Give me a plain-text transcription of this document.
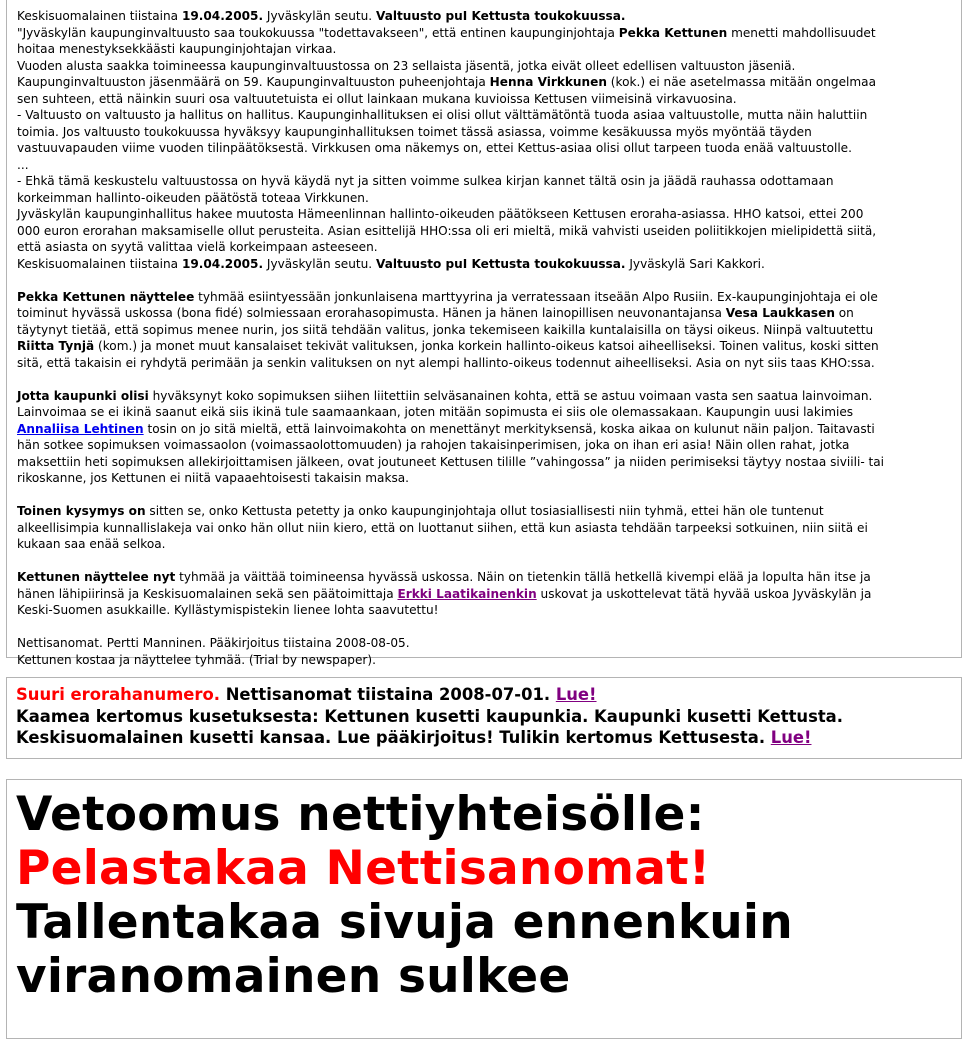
Keskisuomalainen tiistaina 19.04.2005. Jyväskylän seutu. Valtuusto puI Kettusta toukokuussa.
"Jyväskylän kaupunginvaltuusto saa toukokuussa "todettavakseen", että entinen kaupunginjohtaja Pekka Kettunen menetti mahdollisuudet
hoitaa menestyksekkäästi kaupunginjohtajan virkaa.
Vuoden alusta saakka toimineessa kaupunginvaltuustossa on 23 sellaista jäsentä, jotka eivät olleet edellisen valtuuston jäseniä.
Kaupunginvaltuuston jäsenmäärä on 59. Kaupunginvaltuuston puheenjohtaja Henna Virkkunen (kok.) ei näe asetelmassa mitään ongelmaa
sen suhteen, että näinkin suuri osa valtuutetuista ei ollut lainkaan mukana kuvioissa Kettusen viimeisinä virkavuosina.
- Valtuusto on valtuusto ja hallitus on hallitus. Kaupunginhallituksen ei olisi ollut välttämätöntä tuoda asiaa valtuustolle, mutta näin haluttiin
toimia. Jos valtuusto toukokuussa hyväksyy kaupunginhallituksen toimet tässä asiassa, voimme kesäkuussa myös myöntää täyden
vastuuvapauden viime vuoden tilinpäätöksestä. Virkkusen oma näkemys on, ettei Kettus-asiaa olisi ollut tarpeen tuoda enää valtuustolle.
...
- Ehkä tämä keskustelu valtuustossa on hyvä käydä nyt ja sitten voimme sulkea kirjan kannet tältä osin ja jäädä rauhassa odottamaan
korkeimman hallinto-oikeuden päätöstä toteaa Virkkunen.
Jyväskylän kaupunginhallitus hakee muutosta Hämeenlinnan hallinto-oikeuden päätökseen Kettusen eroraha-asiassa. HHO katsoi, ettei 200
000 euron erorahan maksamiselle ollut perusteita. Asian esittelijä HHO:ssa oli eri mieltä, mikä vahvisti useiden poliitikkojen mielipidettä siitä,
että asiasta on syytä valittaa vielä korkeimpaan asteeseen.
Keskisuomalainen tiistaina 19.04.2005. Jyväskylän seutu. Valtuusto puI Kettusta toukokuussa. Jyväskylä Sari Kakkori.
Pekka Kettunen näyttelee tyhmää esiintyessään jonkunlaisena marttyyrina ja verratessaan itseään Alpo Rusiin. Ex-kaupunginjohtaja ei ole
toiminut hyvässä uskossa (bona fidé) solmiessaan erorahasopimusta. Hänen ja hänen lainopillisen neuvonantajansa Vesa Laukkasen on
täytynyt tietää, että sopimus menee nurin, jos siitä tehdään valitus, jonka tekemiseen kaikilla kuntalaisilla on täysi oikeus. Niinpä valtuutettu
Riitta Tynjä (kom.) ja monet muut kansalaiset tekivät valituksen, jonka korkein hallinto-oikeus katsoi aiheelliseksi. Toinen valitus, koski sitten
sitä, että takaisin ei ryhdytä perimään ja senkin valituksen on nyt alempi hallinto-oikeus todennut aiheelliseksi. Asia on nyt siis taas KHO:ssa.
Jotta kaupunki olisi hyväksynyt koko sopimuksen siihen liitettiin selväsanainen kohta, että se astuu voimaan vasta sen saatua lainvoiman.
Lainvoimaa se ei ikinä saanut eikä siis ikinä tule saamaankaan, joten mitään sopimusta ei siis ole olemassakaan. Kaupungin uusi lakimies
Annaliisa Lehtinen tosin on jo sitä mieltä, että lainvoimakohta on menettänyt merkityksensä, koska aikaa on kulunut näin paljon. Taitavasti
hän sotkee sopimuksen voimassaolon (voimassaolottomuuden) ja rahojen takaisinperimisen, joka on ihan eri asia! Näin ollen rahat, jotka
maksettiin heti sopimuksen allekirjoittamisen jälkeen, ovat joutuneet Kettusen tilille ”vahingossa” ja niiden perimiseksi täytyy nostaa siviili- tai
rikoskanne, jos Kettunen ei niitä vapaaehtoisesti takaisin maksa.
Toinen kysymys on sitten se, onko Kettusta petetty ja onko kaupunginjohtaja ollut tosiasiallisesti niin tyhmä, ettei hän ole tuntenut
alkeellisimpia kunnallislakeja vai onko hän ollut niin kiero, että on luottanut siihen, että kun asiasta tehdään tarpeeksi sotkuinen, niin siitä ei
kukaan saa enää selkoa.
Kettunen näyttelee nyt tyhmää ja väittää toimineensa hyvässä uskossa. Näin on tietenkin tällä hetkellä kivempi elää ja lopulta hän itse ja
hänen lähipiirinsä ja Keskisuomalainen sekä sen päätoimittaja Erkki Laatikainenkin uskovat ja uskottelevat tätä hyvää uskoa Jyväskylän ja
Keski-Suomen asukkaille. Kyllästymispistekin lienee lohta saavutettu!
Nettisanomat. Pertti Manninen. Pääkirjoitus tiistaina 2008-08-05.
Kettunen kostaa ja näyttelee tyhmää. (Trial by newspaper).
Suuri erorahanumero. Nettisanomat tiistaina 2008-07-01. Lue!
Kaamea kertomus kusetuksesta: Kettunen kusetti kaupunkia. Kaupunki kusetti Kettusta.
Keskisuomalainen kusetti kansaa. Lue pääkirjoitus! Tulikin kertomus Kettusesta. Lue!
Vetoomus nettiyhteisölle:
Pelastakaa Nettisanomat!
Tallentakaa sivuja ennenkuin
viranomainen sulkee
